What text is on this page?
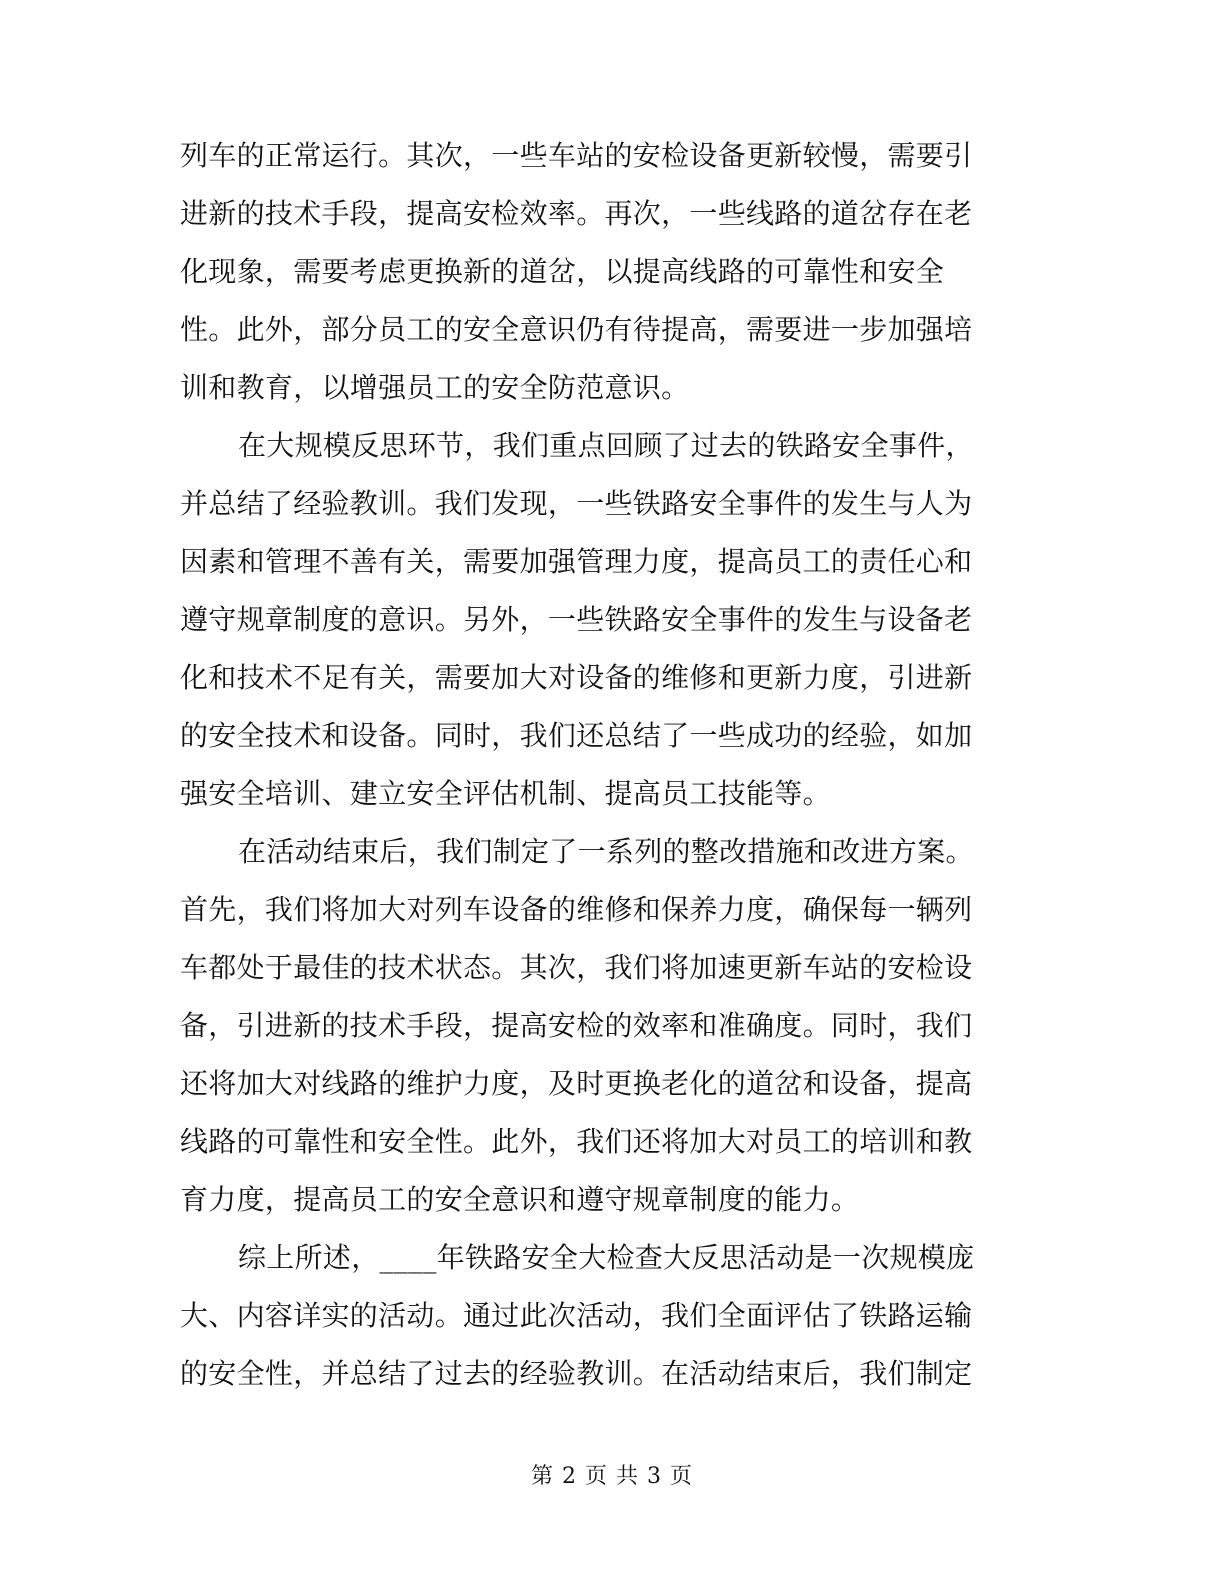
列车的正常运行。其次，一些车站的安检设备更新较慢，需要引
进新的技术手段，提高安检效率。再次，一些线路的道岔存在老
化现象，需要考虑更换新的道岔，以提高线路的可靠性和安全
性。此外，部分员工的安全意识仍有待提高，需要进一步加强培
训和教育，以增强员工的安全防范意识。
在大规模反思环节，我们重点回顾了过去的铁路安全事件，
并总结了经验教训。我们发现，一些铁路安全事件的发生与人为
因素和管理不善有关，需要加强管理力度，提高员工的责任心和
遵守规章制度的意识。另外，一些铁路安全事件的发生与设备老
化和技术不足有关，需要加大对设备的维修和更新力度，引进新
的安全技术和设备。同时，我们还总结了一些成功的经验，如加
强安全培训、建立安全评估机制、提高员工技能等。
在活动结束后，我们制定了一系列的整改措施和改进方案。
首先，我们将加大对列车设备的维修和保养力度，确保每一辆列
车都处于最佳的技术状态。其次，我们将加速更新车站的安检设
备，引进新的技术手段，提高安检的效率和准确度。同时，我们
还将加大对线路的维护力度，及时更换老化的道岔和设备，提高
线路的可靠性和安全性。此外，我们还将加大对员工的培训和教
育力度，提高员工的安全意识和遵守规章制度的能力。
综上所述，____年铁路安全大检查大反思活动是一次规模庞
大、内容详实的活动。通过此次活动，我们全面评估了铁路运输
的安全性，并总结了过去的经验教训。在活动结束后，我们制定
第 2 页 共 3 页
